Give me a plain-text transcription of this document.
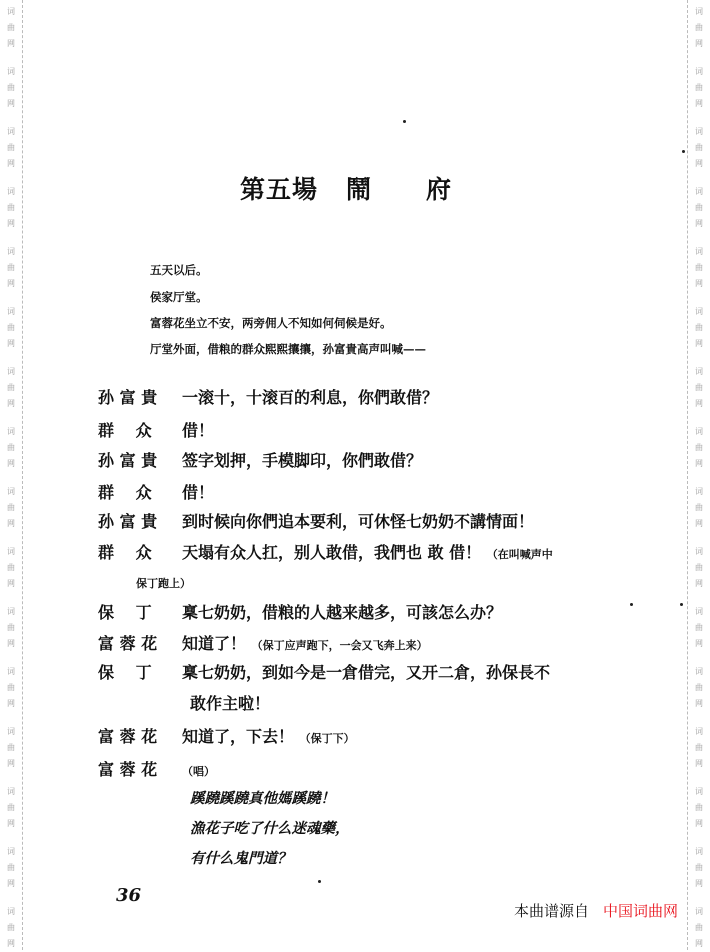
词
曲
网
词
曲
网
词
曲
网
词
曲
网
词
曲
网
词
曲
网
词
曲
网
词
曲
网
词
曲
网
词
曲
网
词
曲
网
词
曲
网
词
曲
网
词
曲
网
词
曲
网
词
曲
网
词
曲
网
词
曲
网
词
曲
网
词
曲
网
词
曲
网
词
曲
网
词
曲
网
词
曲
网
词
曲
网
词
曲
网
词
曲
网
词
曲
网
词
曲
网
词
曲
网
词
曲
网
词
曲
网
第五場 鬧 府
五天以后。
侯家厅堂。
富蓉花坐立不安，两旁佣人不知如何伺候是好。
厅堂外面，借粮的群众熙熙攘攘，孙富貴高声叫喊——
孙 富 貴 一滚十，十滚百的利息，你們敢借？
群　 众 借！
孙 富 貴 签字划押，手模脚印，你們敢借？
群　 众 借！
孙 富 貴 到时候向你們追本要利，可休怪七奶奶不講情面！
群　 众 天塌有众人扛，别人敢借，我們也 敢 借！ （在叫喊声中
保丁跑上）
保　 丁 稟七奶奶，借粮的人越来越多，可該怎么办？
富 蓉 花 知道了！ （保丁应声跑下，一会又飞奔上来）
保　 丁 稟七奶奶，到如今是一倉借完，又开二倉，孙保長不
敢作主啦！
富 蓉 花 知道了，下去！ （保丁下）
富 蓉 花 （唱）
蹊蹺蹊蹺真他媽蹊蹺！
漁花子吃了什么迷魂藥，
有什么鬼門道？
36
本曲谱源自 中国词曲网
